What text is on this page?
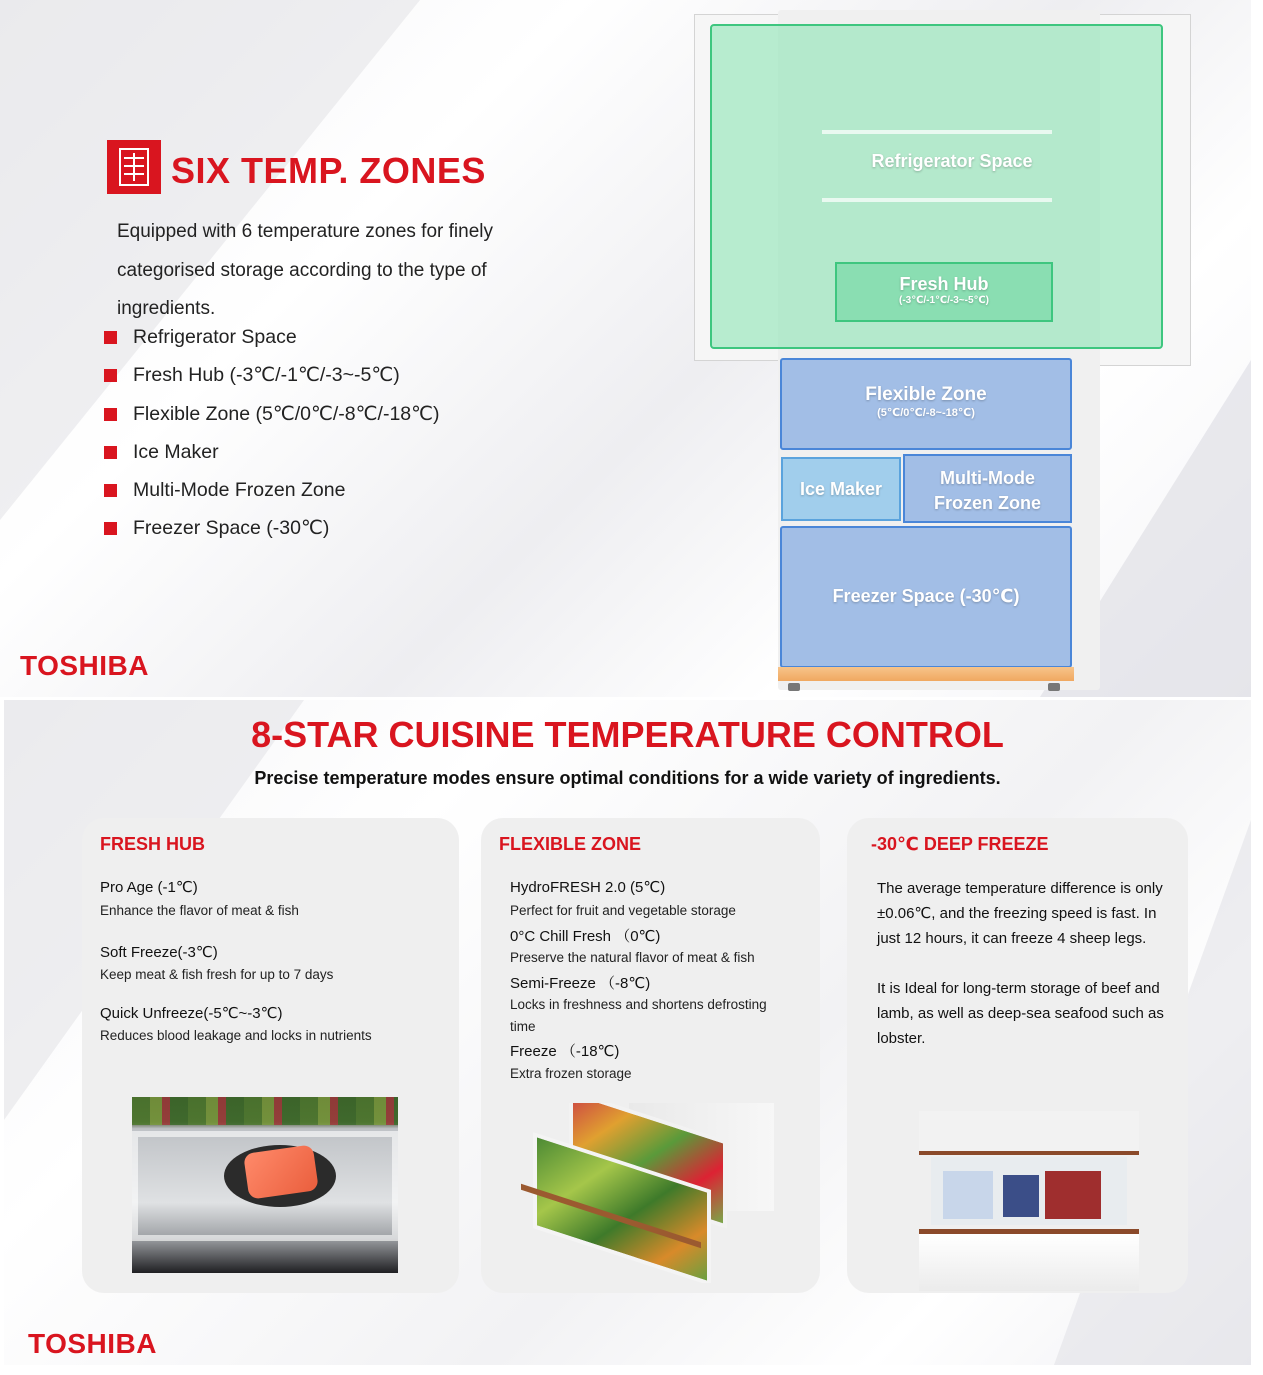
SIX TEMP. ZONES
Equipped with 6 temperature zones for finely categorised storage according to the type of ingredients.
Refrigerator Space
Fresh Hub (-3℃/-1℃/-3~-5℃)
Flexible Zone (5℃/0℃/-8℃/-18℃)
Ice Maker
Multi-Mode Frozen Zone
Freezer Space (-30℃)
TOSHIBA
Refrigerator Space
Fresh Hub
(-3℃/-1℃/-3~-5℃)
Flexible Zone
(5℃/0℃/-8~-18℃)
Ice Maker
Multi-Mode
Frozen Zone
Freezer Space (-30℃)
8-STAR CUISINE TEMPERATURE CONTROL
Precise temperature modes ensure optimal conditions for a wide variety of ingredients.
FRESH HUB
Pro Age (-1℃)
Enhance the flavor of meat & fish
Soft Freeze(-3℃)
Keep meat & fish fresh for up to 7 days
Quick Unfreeze(-5℃~-3℃)
Reduces blood leakage and locks in nutrients
FLEXIBLE ZONE
HydroFRESH 2.0 (5℃)
Perfect for fruit and vegetable storage
0°C Chill Fresh （0℃)
Preserve the natural flavor of meat & fish
Semi-Freeze （-8℃)
Locks in freshness and shortens defrosting
time
Freeze （-18℃)
Extra frozen storage
-30℃ DEEP FREEZE

The average temperature difference is only ±0.06℃, and the freezing speed is fast. In just 12 hours, it can freeze 4 sheep legs.

It is Ideal for long-term storage of beef and lamb, as well as deep-sea seafood such as lobster.

TOSHIBA
